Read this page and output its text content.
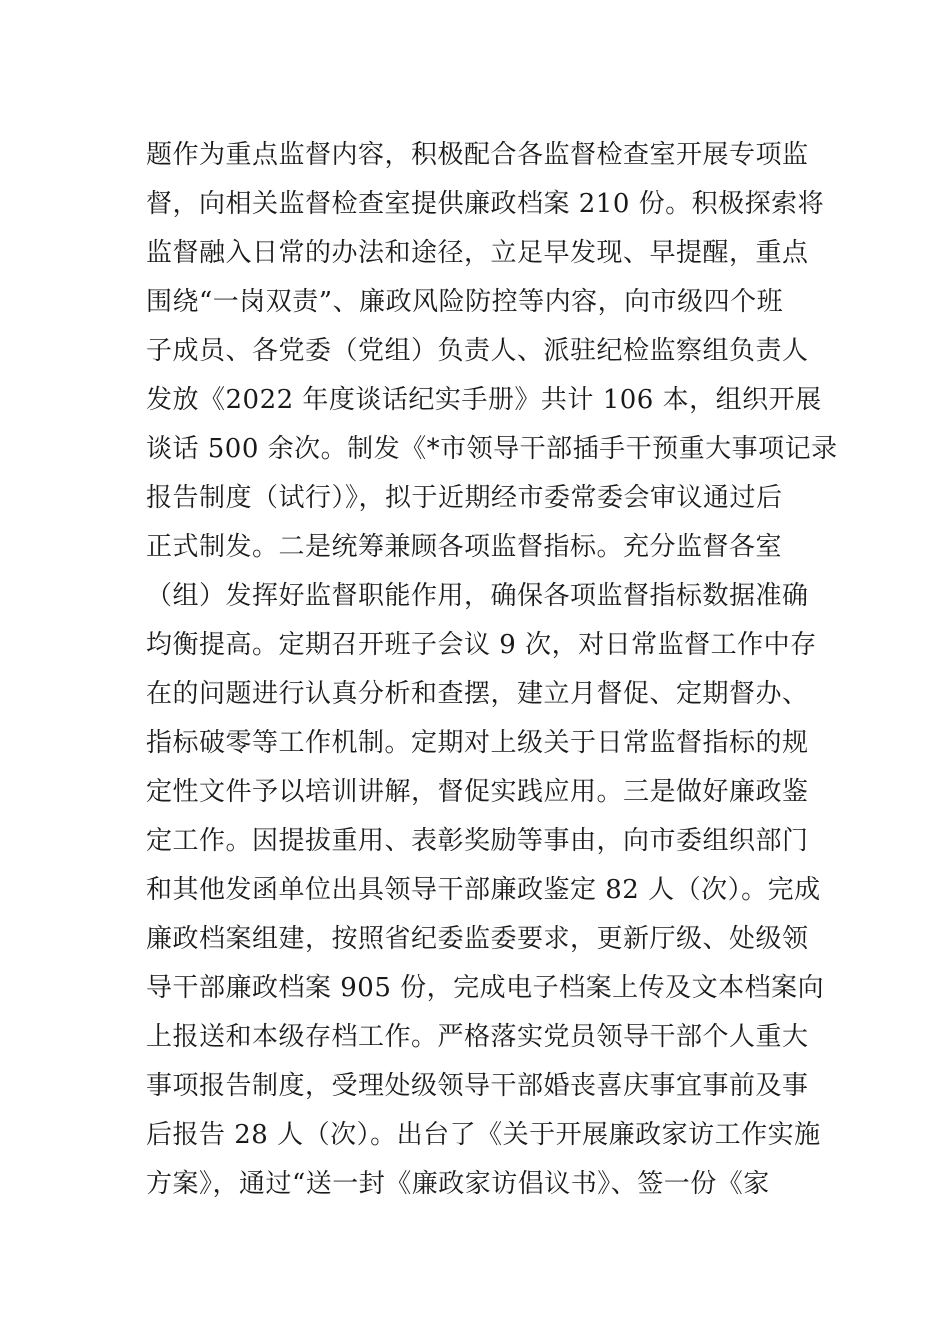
题作为重点监督内容，积极配合各监督检查室开展专项监
督，向相关监督检查室提供廉政档案 210 份。积极探索将
监督融入日常的办法和途径，立足早发现、早提醒，重点
围绕“一岗双责”、廉政风险防控等内容，向市级四个班
子成员、各党委（党组）负责人、派驻纪检监察组负责人
发放《2022 年度谈话纪实手册》共计 106 本，组织开展
谈话 500 余次。制发《*市领导干部插手干预重大事项记录
报告制度（试行）》，拟于近期经市委常委会审议通过后
正式制发。二是统筹兼顾各项监督指标。充分监督各室
（组）发挥好监督职能作用，确保各项监督指标数据准确
均衡提高。定期召开班子会议 9 次，对日常监督工作中存
在的问题进行认真分析和查摆，建立月督促、定期督办、
指标破零等工作机制。定期对上级关于日常监督指标的规
定性文件予以培训讲解，督促实践应用。三是做好廉政鉴
定工作。因提拔重用、表彰奖励等事由，向市委组织部门
和其他发函单位出具领导干部廉政鉴定 82 人（次）。完成
廉政档案组建，按照省纪委监委要求，更新厅级、处级领
导干部廉政档案 905 份，完成电子档案上传及文本档案向
上报送和本级存档工作。严格落实党员领导干部个人重大
事项报告制度，受理处级领导干部婚丧喜庆事宜事前及事
后报告 28 人（次）。出台了《关于开展廉政家访工作实施
方案》，通过“送一封《廉政家访倡议书》、签一份《家
